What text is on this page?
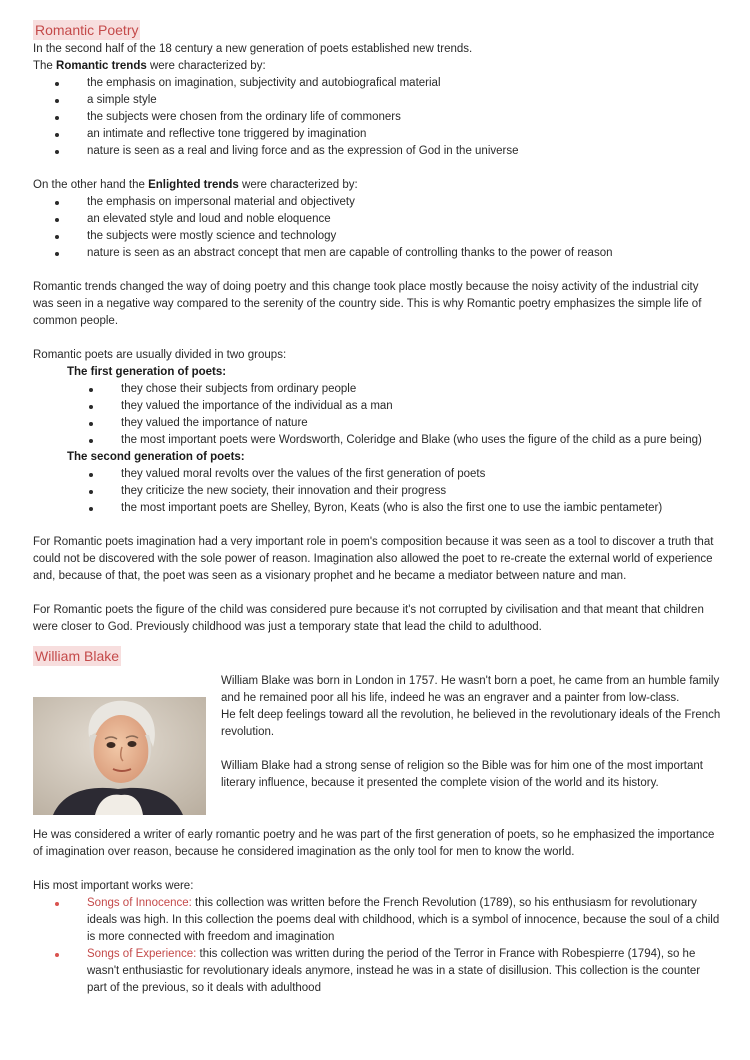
Romantic Poetry

In the second half of the 18 century a new generation of poets established new trends.

The Romantic trends were characterized by:

the emphasis on imagination, subjectivity and autobiografical material
a simple style
the subjects were chosen from the ordinary life of commoners
an intimate and reflective tone triggered by imagination
nature is seen as a real and living force and as the expression of God in the universe

On the other hand the Enlighted trends were characterized by:

the emphasis on impersonal material and objectivety
an elevated style and loud and noble eloquence
the subjects were mostly science and technology
nature is seen as an abstract concept that men are capable of controlling thanks to the power of reason

Romantic trends changed the way of doing poetry and this change took place mostly because the noisy activity of the industrial city was seen in a negative way compared to the serenity of the country side. This is why Romantic poetry emphasizes the simple life of common people.

Romantic poets are usually divided in two groups:

The first generation of poets:

they chose their subjects from ordinary people
they valued the importance of the individual as a man
they valued the importance of nature
the most important poets were Wordsworth, Coleridge and Blake (who uses the figure of the child as a pure being)

The second generation of poets:

they valued moral revolts over the values of the first generation of poets
they criticize the new society, their innovation and their progress
the most important poets are Shelley, Byron, Keats (who is also the first one to use the iambic pentameter)

For Romantic poets imagination had a very important role in poem's composition because it was seen as a tool to discover a truth that could not be discovered with the sole power of reason. Imagination also allowed the poet to re-create the external world of experience and, because of that, the poet was seen as a visionary prophet and he became a mediator between nature and man.

For Romantic poets the figure of the child was considered pure because it's not corrupted by civilisation and that meant that children were closer to God. Previously childhood was just a temporary state that lead the child to adulthood.

William Blake

William Blake was born in London in 1757. He wasn't born a poet, he came from an humble family and he remained poor all his life, indeed he was an engraver and a painter from low-class.

He felt deep feelings toward all the revolution, he believed in the revolutionary ideals of the French revolution.

William Blake had a strong sense of religion so the Bible was for him one of the most important literary influence, because it presented the complete vision of the world and its history.

He was considered a writer of early romantic poetry and he was part of the first generation of poets, so he emphasized the importance of imagination over reason, because he considered imagination as the only tool for men to know the world.

His most important works were:

Songs of Innocence: this collection was written before the French Revolution (1789), so his enthusiasm for revolutionary ideals was high. In this collection the poems deal with childhood, which is a symbol of innocence, because the soul of a child is more connected with freedom and imagination
Songs of Experience: this collection was written during the period of the Terror in France with Robespierre (1794), so he wasn't enthusiastic for revolutionary ideals anymore, instead he was in a state of disillusion. This collection is the counter part of the previous, so it deals with adulthood
